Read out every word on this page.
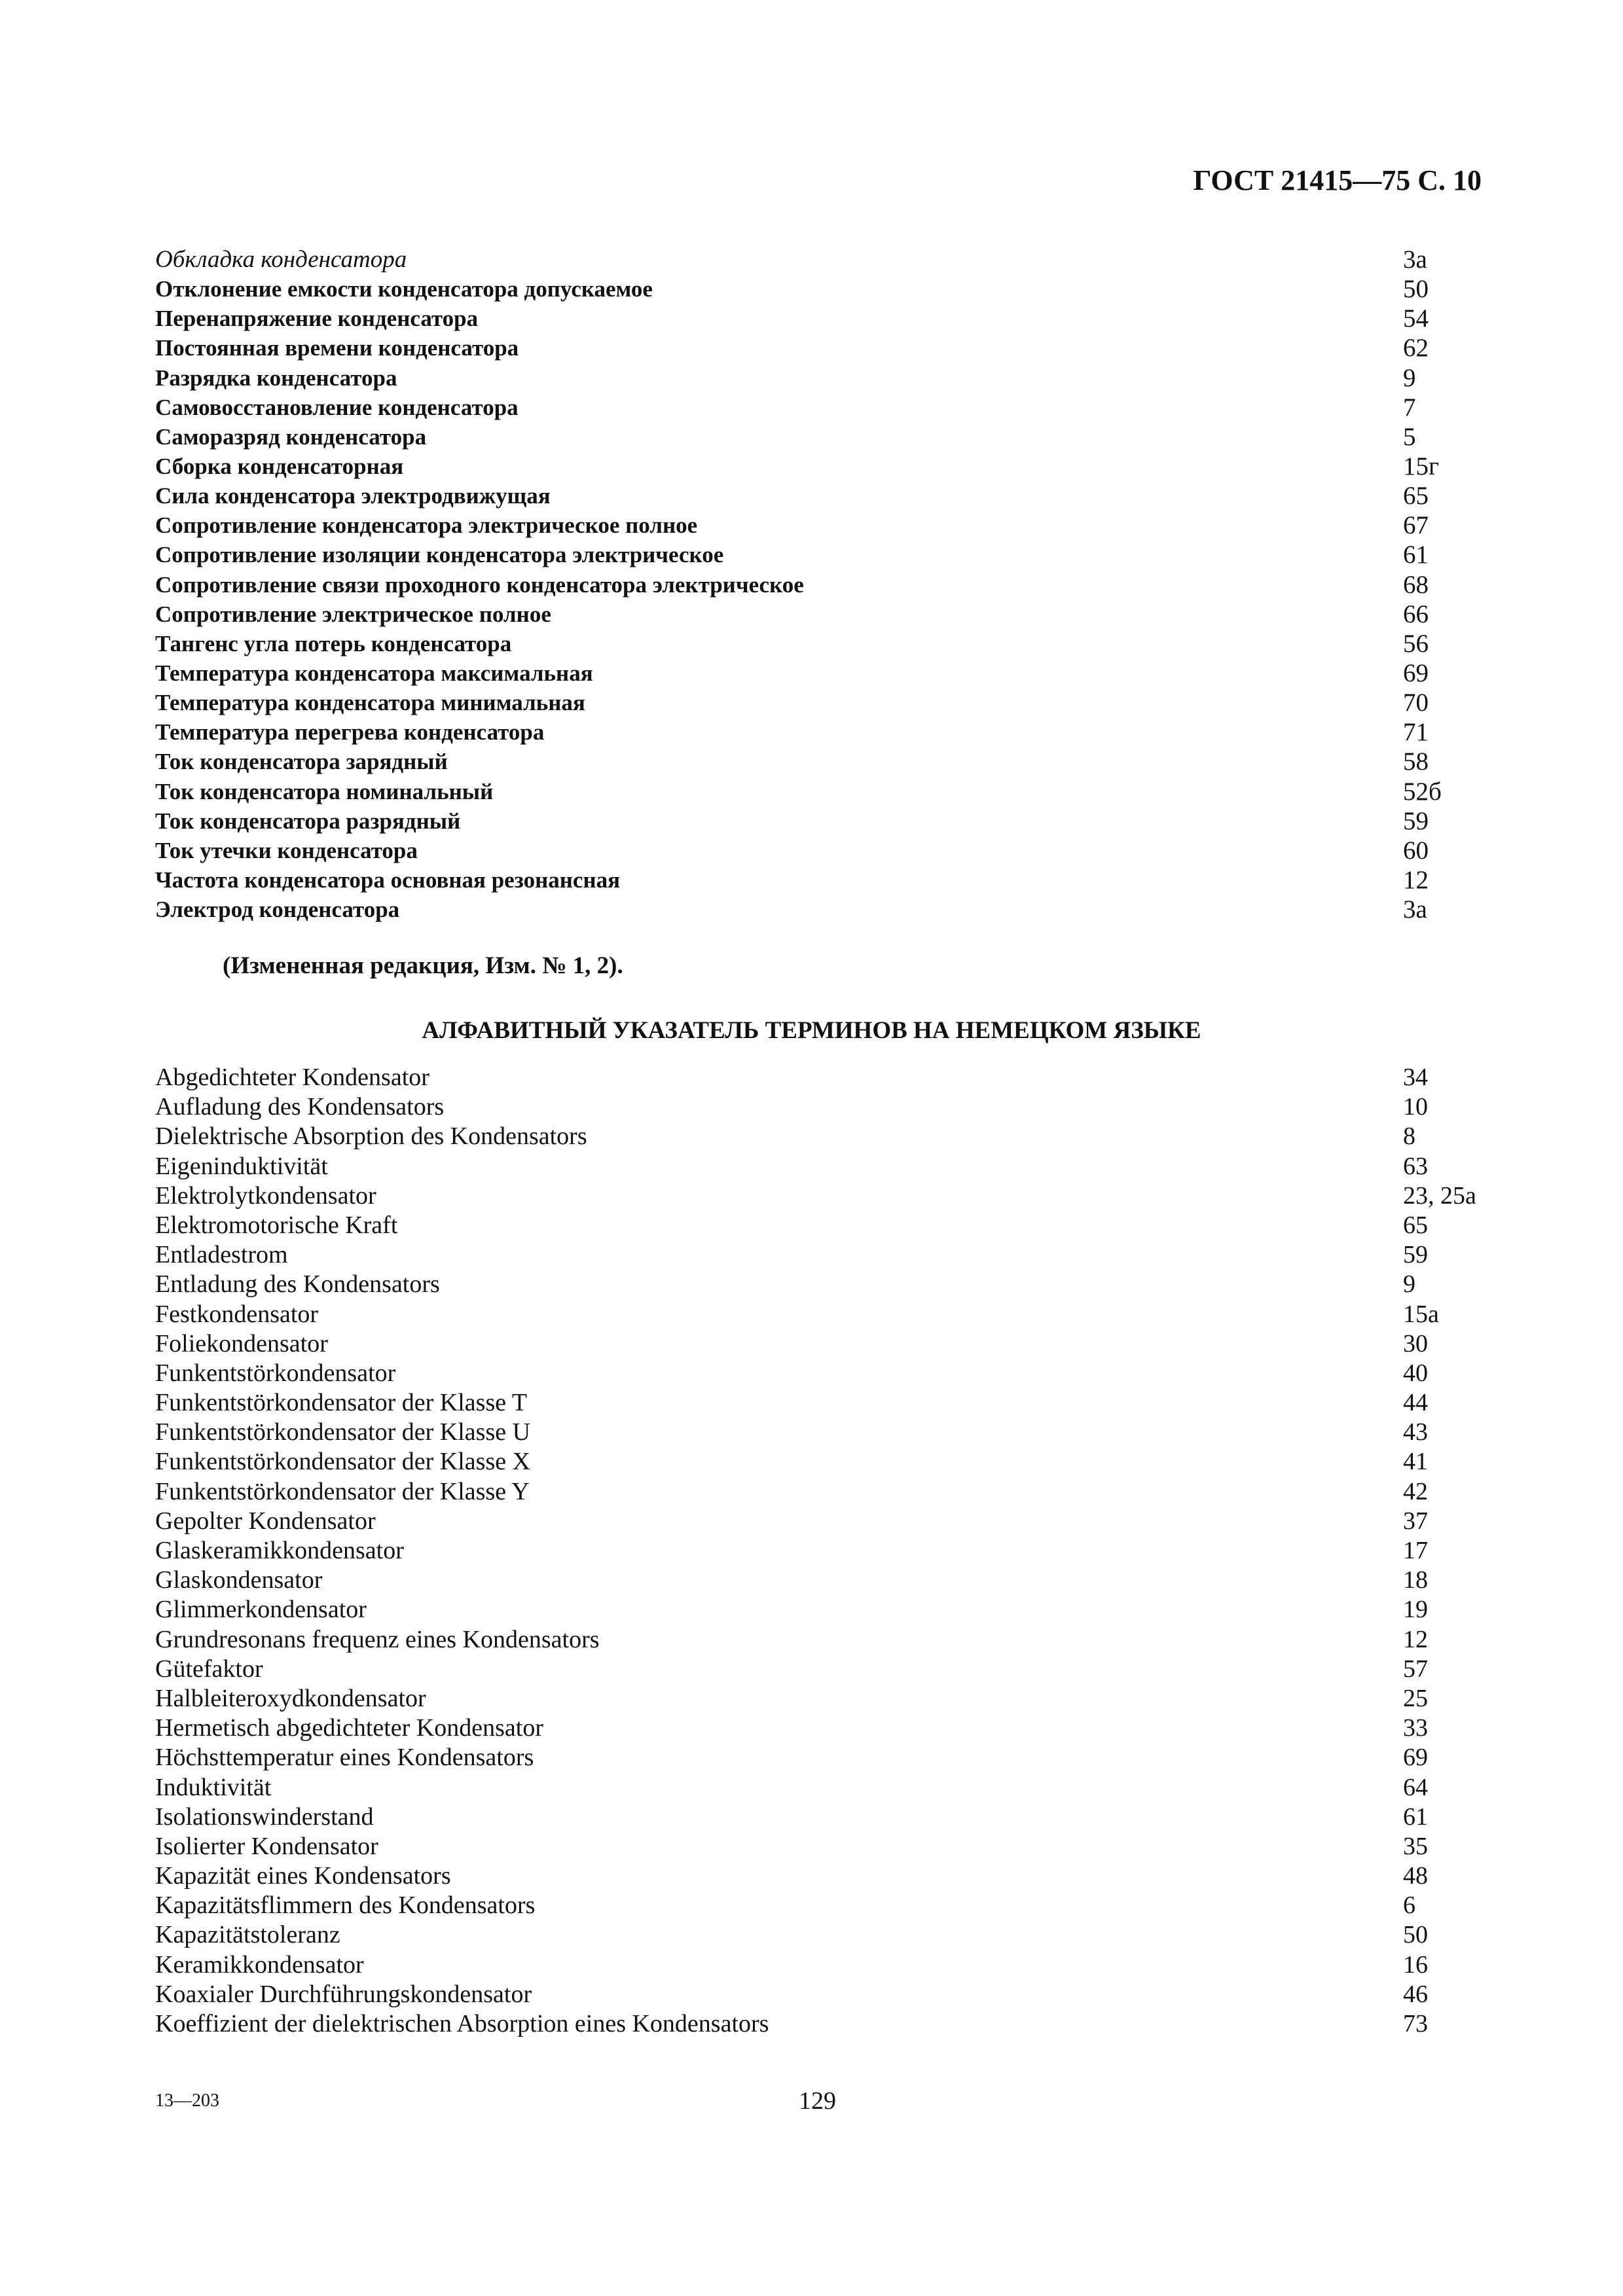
ГОСТ 21415—75 С. 10
Обкладка конденсатора	3а
Отклонение емкости конденсатора допускаемое	50
Перенапряжение конденсатора	54
Постоянная времени конденсатора	62
Разрядка конденсатора	9
Самовосстановление конденсатора	7
Саморазряд конденсатора	5
Сборка конденсаторная	15г
Сила конденсатора электродвижущая	65
Сопротивление конденсатора электрическое полное	67
Сопротивление изоляции конденсатора электрическое	61
Сопротивление связи проходного конденсатора электрическое	68
Сопротивление электрическое полное	66
Тангенс угла потерь конденсатора	56
Температура конденсатора максимальная	69
Температура конденсатора минимальная	70
Температура перегрева конденсатора	71
Ток конденсатора зарядный	58
Ток конденсатора номинальный	52б
Ток конденсатора разрядный	59
Ток утечки конденсатора	60
Частота конденсатора основная резонансная	12
Электрод конденсатора	3а
(Измененная редакция, Изм. № 1, 2).
АЛФАВИТНЫЙ УКАЗАТЕЛЬ ТЕРМИНОВ НА НЕМЕЦКОМ ЯЗЫКЕ
Abgedichteter Kondensator	34
Aufladung des Kondensators	10
Dielektrische Absorption des Kondensators	8
Eigeninduktivität	63
Elektrolytkondensator	23, 25a
Elektromotorische Kraft	65
Entladestrom	59
Entladung des Kondensators	9
Festkondensator	15a
Foliekondensator	30
Funkentstörkondensator	40
Funkentstörkondensator der Klasse T	44
Funkentstörkondensator der Klasse U	43
Funkentstörkondensator der Klasse X	41
Funkentstörkondensator der Klasse Y	42
Gepolter Kondensator	37
Glaskeramikkondensator	17
Glaskondensator	18
Glimmerkondensator	19
Grundresonans frequenz eines Kondensators	12
Gütefaktor	57
Halbleiteroxydkondensator	25
Hermetisch abgedichteter Kondensator	33
Höchsttemperatur eines Kondensators	69
Induktivität	64
Isolationswinderstand	61
Isolierter Kondensator	35
Kapazität eines Kondensators	48
Kapazitätsflimmern des Kondensators	6
Kapazitätstoleranz	50
Keramikkondensator	16
Koaxialer Durchführungskondensator	46
Koeffizient der dielektrischen Absorption eines Kondensators	73
13—203	129
